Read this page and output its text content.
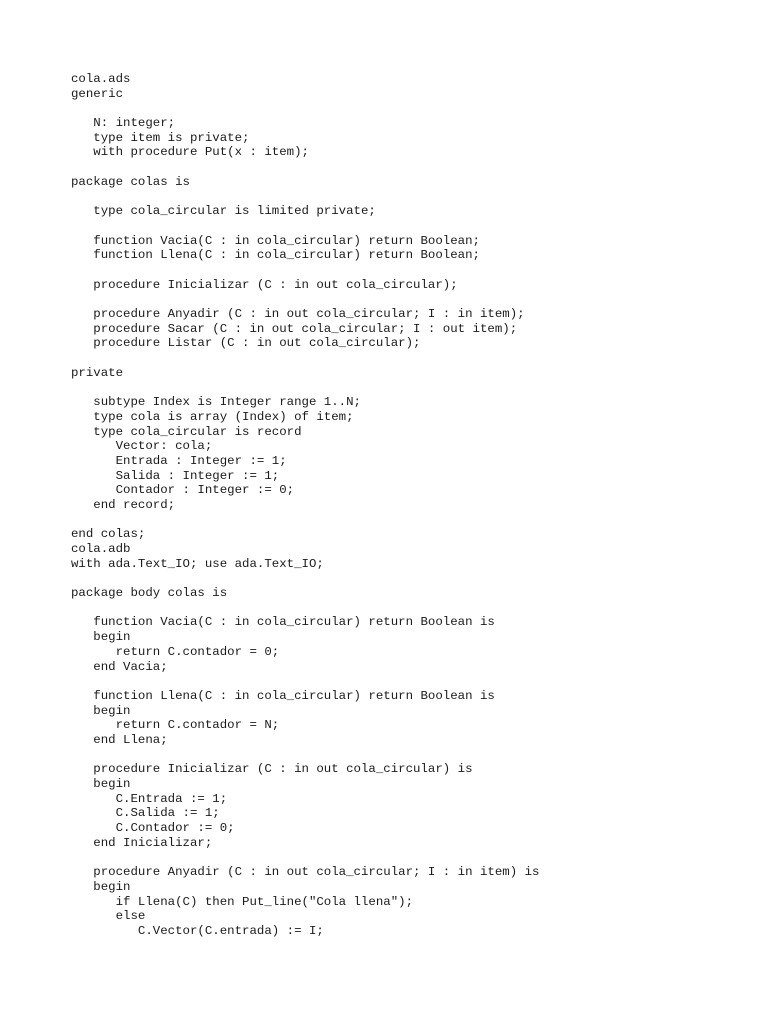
cola.ads
generic
N: integer;
type item is private;
with procedure Put(x : item);
package colas is
type cola_circular is limited private;
function Vacia(C : in cola_circular) return Boolean;
function Llena(C : in cola_circular) return Boolean;
procedure Inicializar (C : in out cola_circular);
procedure Anyadir (C : in out cola_circular; I : in item);
procedure Sacar (C : in out cola_circular; I : out item);
procedure Listar (C : in out cola_circular);
private
subtype Index is Integer range 1..N;
type cola is array (Index) of item;
type cola_circular is record
Vector: cola;
Entrada : Integer := 1;
Salida : Integer := 1;
Contador : Integer := 0;
end record;
end colas;
cola.adb
with ada.Text_IO; use ada.Text_IO;
package body colas is
function Vacia(C : in cola_circular) return Boolean is
begin
return C.contador = 0;
end Vacia;
function Llena(C : in cola_circular) return Boolean is
begin
return C.contador = N;
end Llena;
procedure Inicializar (C : in out cola_circular) is
begin
C.Entrada := 1;
C.Salida := 1;
C.Contador := 0;
end Inicializar;
procedure Anyadir (C : in out cola_circular; I : in item) is
begin
if Llena(C) then Put_line("Cola llena");
else
C.Vector(C.entrada) := I;
